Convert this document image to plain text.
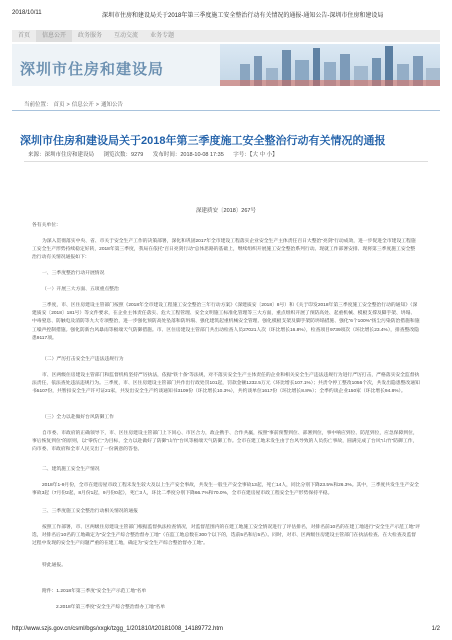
2018/10/11	深圳市住房和建设局关于2018年第三季度施工安全整治行动有关情况的通报-通知公告-深圳市住房和建设局
首页 信息公开 政务服务 互动交流 业务专题
深圳市住房和建设局
当前位置： 首页 > 信息公开 > 通知公告
深圳市住房和建设局关于2018年第三季度施工安全整治行动有关情况的通报
来源：深圳市住房和建设局 浏览次数：9279 发布时间：2018-10-08 17:35 字号：【大 中 小】
深建质安〔2018〕267号

各有关单位：

为深入贯彻落实中央、省、市关于安全生产工作的决策部署，深化和巩固2017年全市建设工程落实企业安全生产主体责任百日大整治“亮剑”行动成效，进一步促进全市建设工程施工安全生产形势持续稳定好转，2018年第三季度，我局在依托“百日亮剑行动”总体思路的基础上，继续组织开展施工安全整治系列行动。现就工作部署安排、现将第三季度施工安全整治行动有关情况通报如下：

一、三季度整治行动开展情况

（一）开展三大方面、五项重点整治

三季度，市、区住房建设主管部门按照《2018年全市建设工程施工安全整治三年行动方案》（深建质安〔2018〕8号）和《关于印发2018年第三季度施工安全整治行动的通知》（深建质安〔2018〕181号）等文件要求，在企业主体责任落实、危大工程管理、安全文明施工标准化管理等三大方面，重点组织开展了预防高处、起重机械、模板支撑及脚手架、坍塌、中毒窒息、防触电及消防等九大专项整治，进一步强化预防高处坠落和防坍塌、强化建筑起重机械安全管理、强化模板支架及脚手架防坍塌措施、强化“6个100%”扬尘污染防治措施和施工噪声控制措施。强化防新台风暴雨等极端天气防御措施。市、区住房建设主管部门共出动检查人员27021人次（环比增长16.8%），检查项目9739项次（环比增长23.4%），排查整改隐患9117项。

（二）严厉打击安全生产违法违规行为

市、区两级住房建设主管部门和监督机构坚持严厉执法，依据“铁十条”等法规，对不落实安全生产主体责任的企业和相关安全生产违法违规行为进行严厉打击，严格落实安全监督执法责任，依法查处违法违规行为。三季度，市、区住房建设主管部门共作出行政处罚101起，罚款金额1232.5万元（环比增长107.1%）；共责令停工整改1056个次，共发出隐患整改通知书5107份，共暂扣安全生产许可证21家，共发出安全生产约谈通知书3109份（环比增长10.3%），共约谈单位1617份（环比增长8.8%）；全季约谈企业150家（环比增长94.8%）。

（三）全力以赴做好台风防御工作

自市委、市政府的正确领导下，市、区住房建设主管部门上下同心、市区合力，政企携手、合作共赢，按照“事前预警到位、部署到位，事中响应到位、防范到位，应急保障到位，事后恢复到位”的原则，以“零伤亡”为目标，全力以赴做好了防御“山竹”台风等极端天气防御工作。全市在建工地未发生由于台风导致的人员伤亡事故，圆满完成了台风“山竹”防御工作，向市委、市政府和全市人民交出了一份满意的答卷。

二、建筑施工安全生产情况

2018年1-9月份，全市在建房屋市政工程未发生较大及以上生产安全事故，共发生一般生产安全事故13起，死亡14人，同比分别下降23.5%和26.3%。其中，三季度共发生生产安全事故3起（7月份2起，8月份1起，9月份0起），死亡3人，环比二季度分别下降66.7%和70.0%，全市在建房屋市政工程安全生产形势保持平稳。

三、三季度施工安全整治行动相关情况的通报

按照工作部署，市、区两级住房建设主管部门根据监督执法检查情况，对监督范围内的在建工地施工安全情况进行了评估排名，对排名前10名的在建工地进行“安全生产示范工地”评选，对排名后10名的工地确定为“安全生产综合整治督办工地”（在监工地总数在300个以下的，选前5名和后5名）。同时，对市、区两级住房建设主管部门在执法检查、在大检查及监督过程中发现的安全生产问题严重的在建工地，确定为“安全生产综合整治督办工地”。

特此通报。

附件：1.2018年第三季度“安全生产示范工地”名单

2.2018年第三季度“安全生产综合整治督办工地”名单

http://www.szjs.gov.cn/csml/bgs/xxgk/tzgg_1/201810/t20181008_14189772.htm	1/2
